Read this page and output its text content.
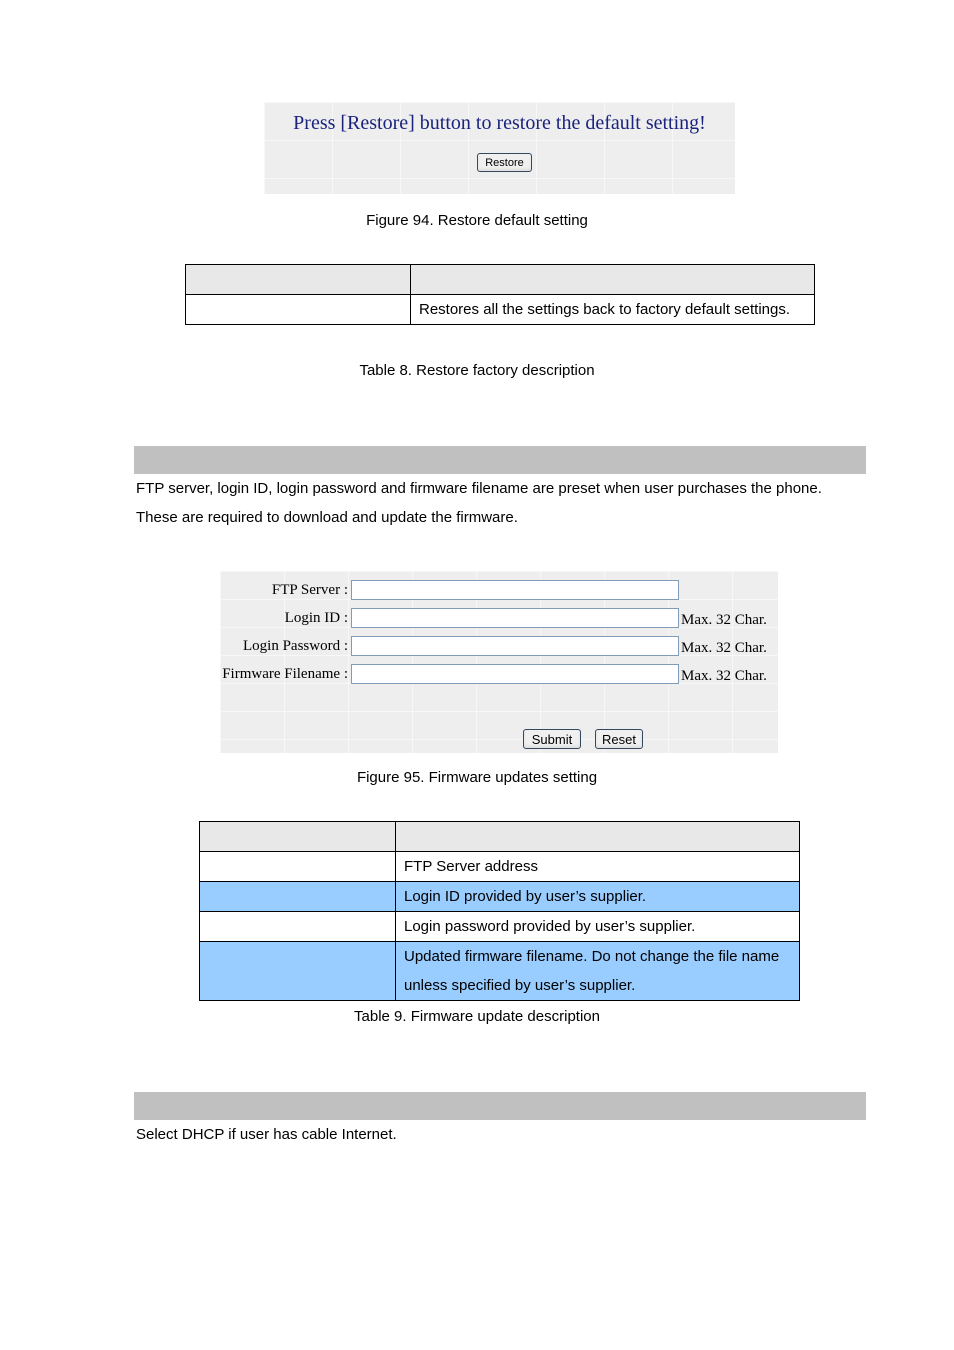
Press [Restore] button to restore the default setting!
Restore
Figure 94. Restore default setting

	Restores all the settings back to factory default settings.
Table 8. Restore factory description
FTP server, login ID, login password and firmware filename are preset when user purchases the phone.
These are required to download and update the firmware.
FTP Server :
Login ID :	Max. 32 Char.
Login Password :	Max. 32 Char.
Firmware Filename :	Max. 32 Char.
Submit	Reset
Figure 95. Firmware updates setting

	FTP Server address
	Login ID provided by user’s supplier.
	Login password provided by user’s supplier.
	Updated firmware filename. Do not change the file name unless specified by user’s supplier.
Table 9. Firmware update description
Select DHCP if user has cable Internet.
